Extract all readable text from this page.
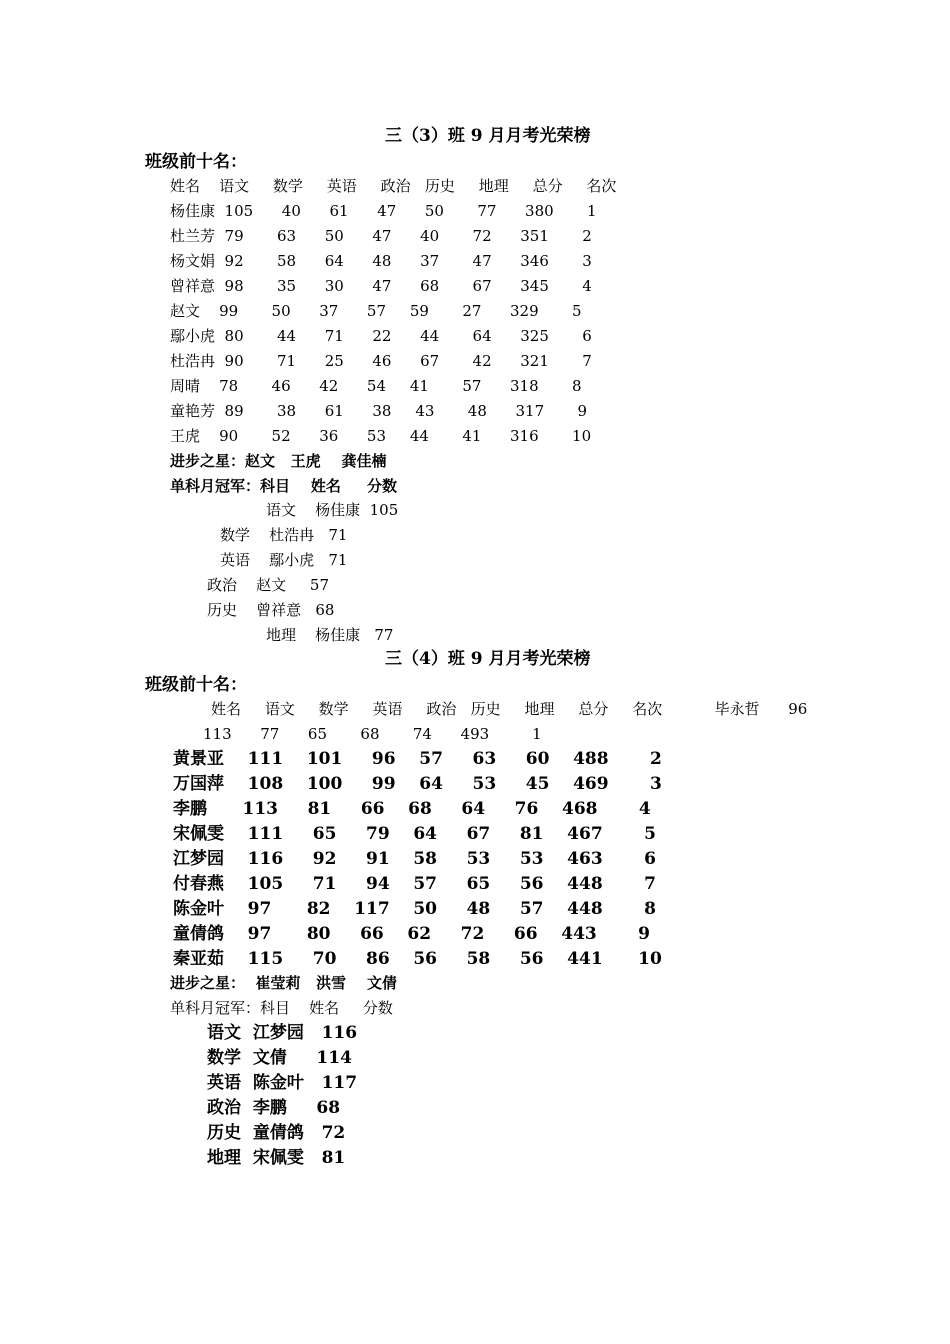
三（3）班 9 月月考光荣榜
班级前十名：
姓名    语文     数学     英语     政治   历史     地理     总分     名次
杨佳康  105      40      61      47      50       77      380       1
杜兰芳  79       63      50      47      40       72      351       2
杨文娟  92       58      64      48      37       47      346       3
曾祥意  98       35      30      47      68       67      345       4
赵文    99       50      37      57     59       27      329       5
鄢小虎  80       44      71      22      44       64      325       6
杜浩冉  90       71      25      46      67       42      321       7
周晴    78       46      42      54     41       57      318       8
童艳芳  89       38      61      38     43       48      317       9
王虎    90       52      36      53     44       41      316       10
进步之星：赵文   王虎    龚佳楠
单科月冠军：科目    姓名     分数
语文    杨佳康  105
数学    杜浩冉   71
英语    鄢小虎   71
政治    赵文     57
历史    曾祥意   68
地理    杨佳康   77
三（4）班 9 月月考光荣榜
班级前十名：
姓名     语文     数学     英语     政治   历史     地理     总分     名次           毕永哲      96
113      77      65       68       74      493         1
黄景亚    111    101     96    57     63     60    488       2
万国萍    108    100     99    64     53     45    469       3
李鹏      113     81     66    68     64     76    468       4
宋佩雯    111     65     79    64     67     81    467       5
江梦园    116     92     91    58     53     53    463       6
付春燕    105     71     94    57     65     56    448       7
陈金叶    97      82    117    50     48     57    448       8
童倩鸽    97      80     66    62     72     66    443       9
秦亚茹    115     70     86    56     58     56    441      10
进步之星：  崔莹莉   洪雪    文倩
单科月冠军：科目    姓名     分数
语文  江梦园   116
数学  文倩     114
英语  陈金叶   117
政治  李鹏     68
历史  童倩鸽   72
地理  宋佩雯   81
